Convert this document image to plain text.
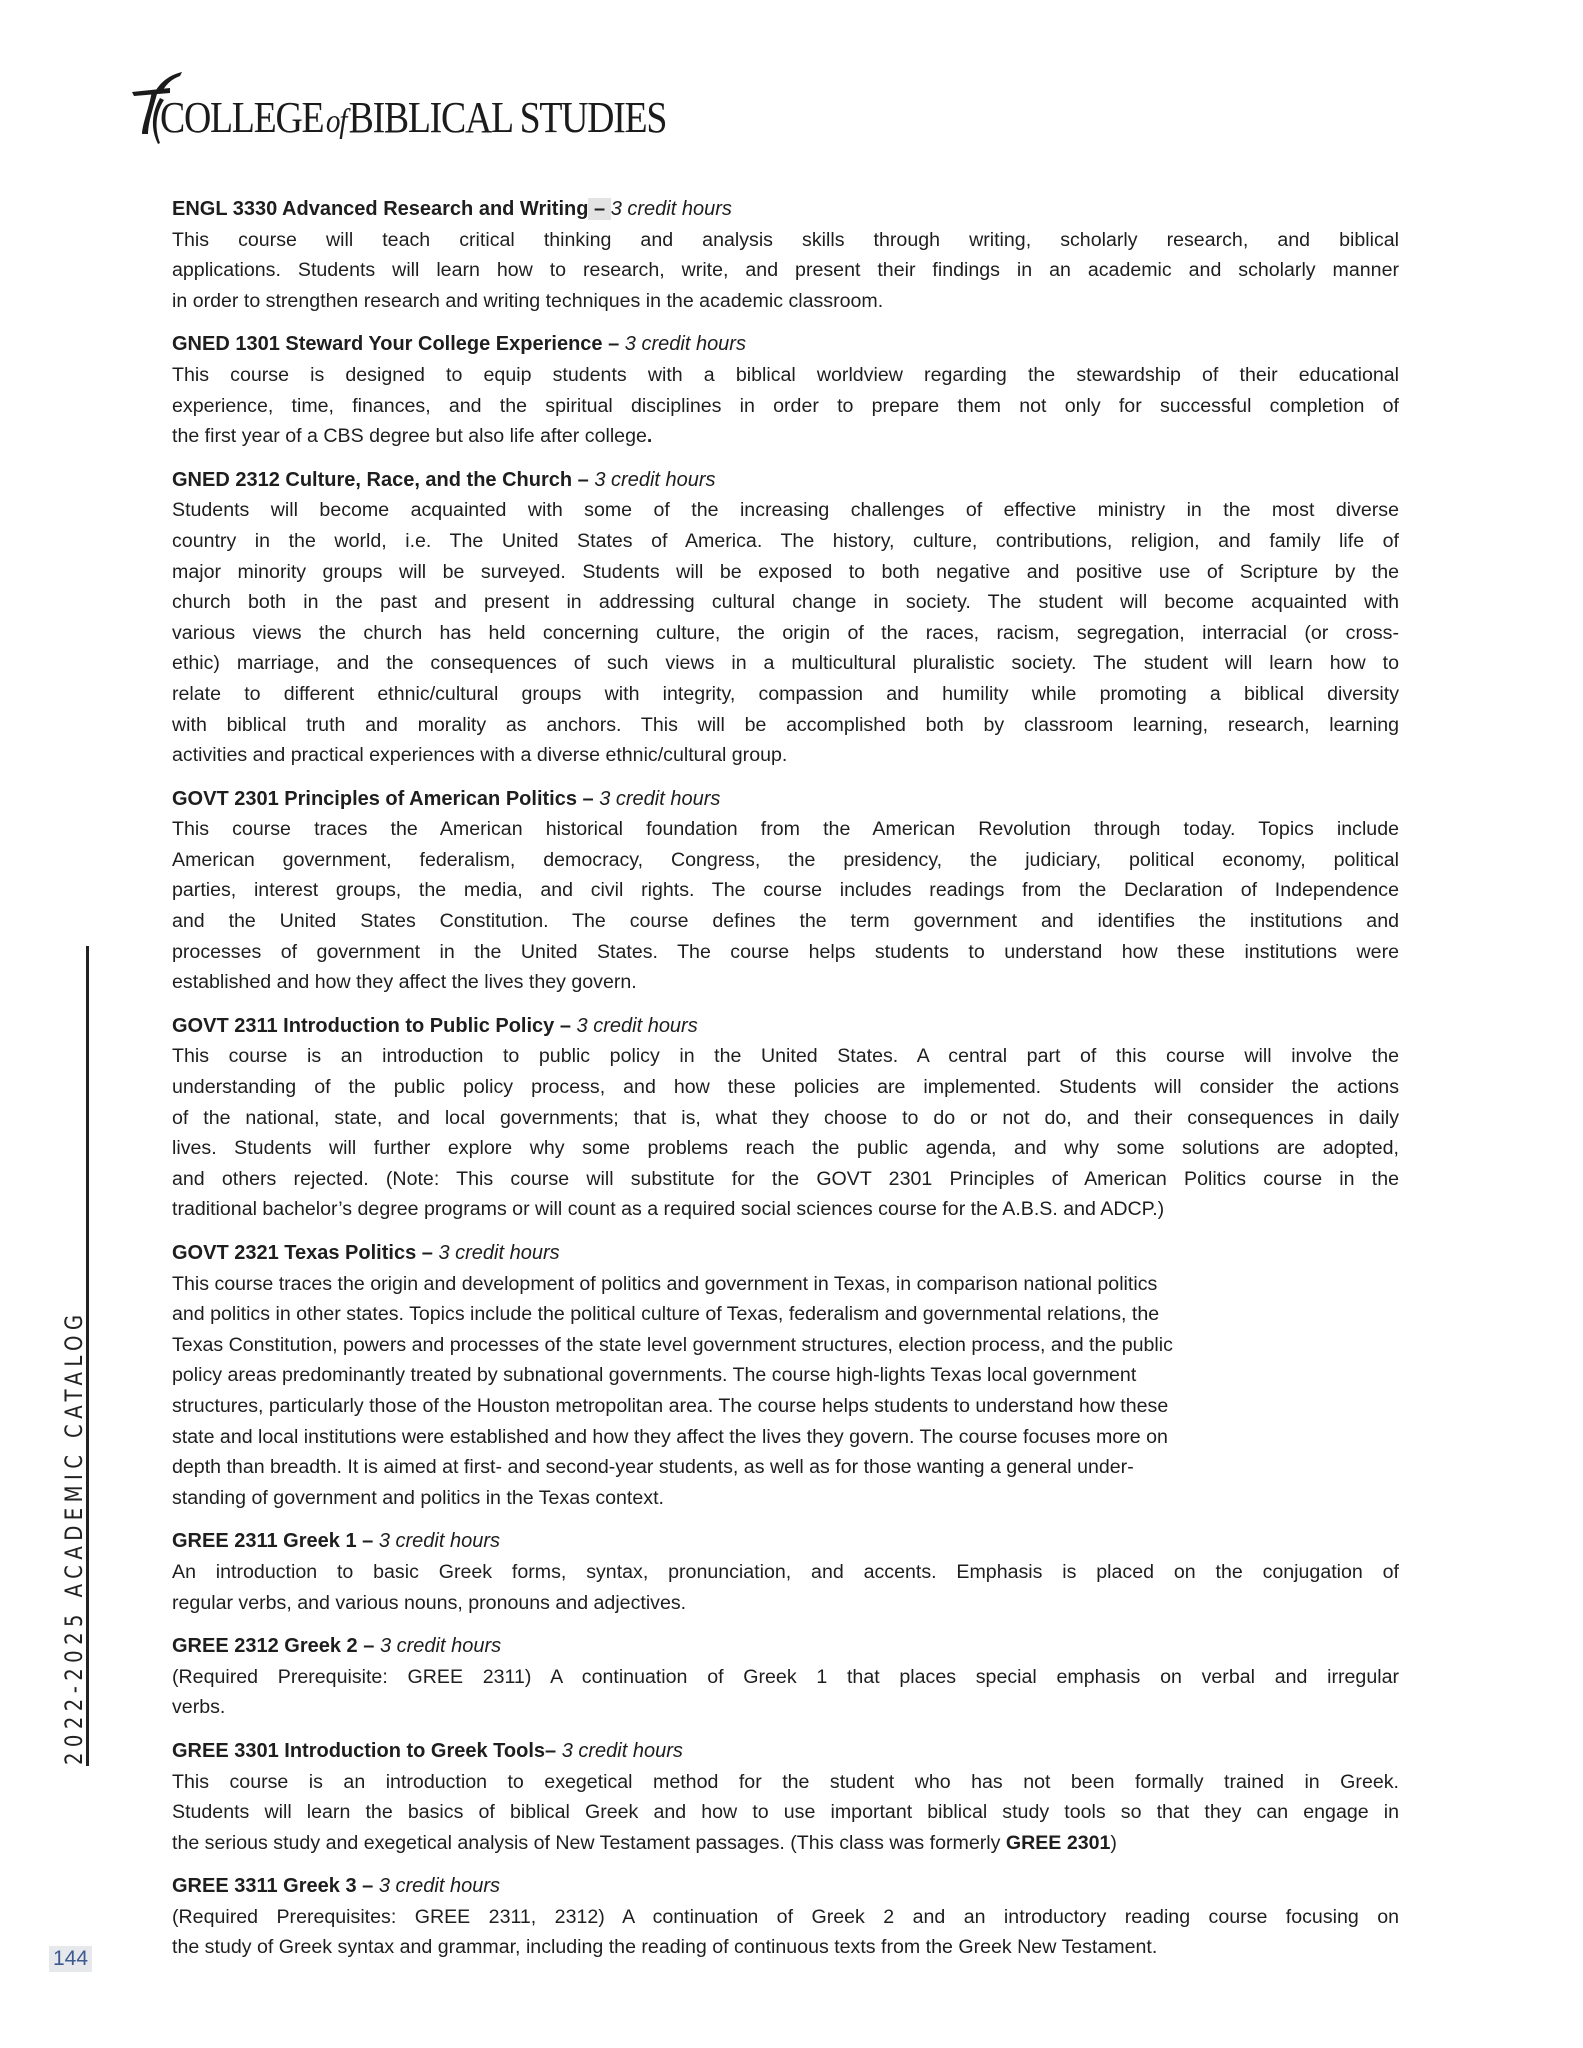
COLLEGEofBIBLICAL STUDIES
2022-2025 ACADEMIC CATALOG
144
ENGL 3330 Advanced Research and Writing – 3 credit hours
This course will teach critical thinking and analysis skills through writing, scholarly research, and biblical
applications. Students will learn how to research, write, and present their findings in an academic and scholarly manner
in order to strengthen research and writing techniques in the academic classroom.
GNED 1301 Steward Your College Experience – 3 credit hours
This course is designed to equip students with a biblical worldview regarding the stewardship of their educational
experience, time, finances, and the spiritual disciplines in order to prepare them not only for successful completion of
the first year of a CBS degree but also life after college.
GNED 2312 Culture, Race, and the Church – 3 credit hours
Students will become acquainted with some of the increasing challenges of effective ministry in the most diverse
country in the world, i.e. The United States of America. The history, culture, contributions, religion, and family life of
major minority groups will be surveyed. Students will be exposed to both negative and positive use of Scripture by the
church both in the past and present in addressing cultural change in society. The student will become acquainted with
various views the church has held concerning culture, the origin of the races, racism, segregation, interracial (or cross-
ethic) marriage, and the consequences of such views in a multicultural pluralistic society. The student will learn how to
relate to different ethnic/cultural groups with integrity, compassion and humility while promoting a biblical diversity
with biblical truth and morality as anchors. This will be accomplished both by classroom learning, research, learning
activities and practical experiences with a diverse ethnic/cultural group.
GOVT 2301 Principles of American Politics – 3 credit hours
This course traces the American historical foundation from the American Revolution through today. Topics include
American government, federalism, democracy, Congress, the presidency, the judiciary, political economy, political
parties, interest groups, the media, and civil rights. The course includes readings from the Declaration of Independence
and the United States Constitution. The course defines the term government and identifies the institutions and
processes of government in the United States. The course helps students to understand how these institutions were
established and how they affect the lives they govern.
GOVT 2311 Introduction to Public Policy – 3 credit hours
This course is an introduction to public policy in the United States. A central part of this course will involve the
understanding of the public policy process, and how these policies are implemented. Students will consider the actions
of the national, state, and local governments; that is, what they choose to do or not do, and their consequences in daily
lives. Students will further explore why some problems reach the public agenda, and why some solutions are adopted,
and others rejected. (Note: This course will substitute for the GOVT 2301 Principles of American Politics course in the
traditional bachelor’s degree programs or will count as a required social sciences course for the A.B.S. and ADCP.)
GOVT 2321 Texas Politics – 3 credit hours
This course traces the origin and development of politics and government in Texas, in comparison national politics
and politics in other states. Topics include the political culture of Texas, federalism and governmental relations, the
Texas Constitution, powers and processes of the state level government structures, election process, and the public
policy areas predominantly treated by subnational governments. The course high-lights Texas local government
structures, particularly those of the Houston metropolitan area. The course helps students to understand how these
state and local institutions were established and how they affect the lives they govern. The course focuses more on
depth than breadth. It is aimed at first- and second-year students, as well as for those wanting a general under-
standing of government and politics in the Texas context.
GREE 2311 Greek 1 – 3 credit hours
An introduction to basic Greek forms, syntax, pronunciation, and accents. Emphasis is placed on the conjugation of
regular verbs, and various nouns, pronouns and adjectives.
GREE 2312 Greek 2 – 3 credit hours
(Required Prerequisite: GREE 2311) A continuation of Greek 1 that places special emphasis on verbal and irregular
verbs.
GREE 3301 Introduction to Greek Tools– 3 credit hours
This course is an introduction to exegetical method for the student who has not been formally trained in Greek.
Students will learn the basics of biblical Greek and how to use important biblical study tools so that they can engage in
the serious study and exegetical analysis of New Testament passages. (This class was formerly GREE 2301)
GREE 3311 Greek 3 – 3 credit hours
(Required Prerequisites: GREE 2311, 2312) A continuation of Greek 2 and an introductory reading course focusing on
the study of Greek syntax and grammar, including the reading of continuous texts from the Greek New Testament.
